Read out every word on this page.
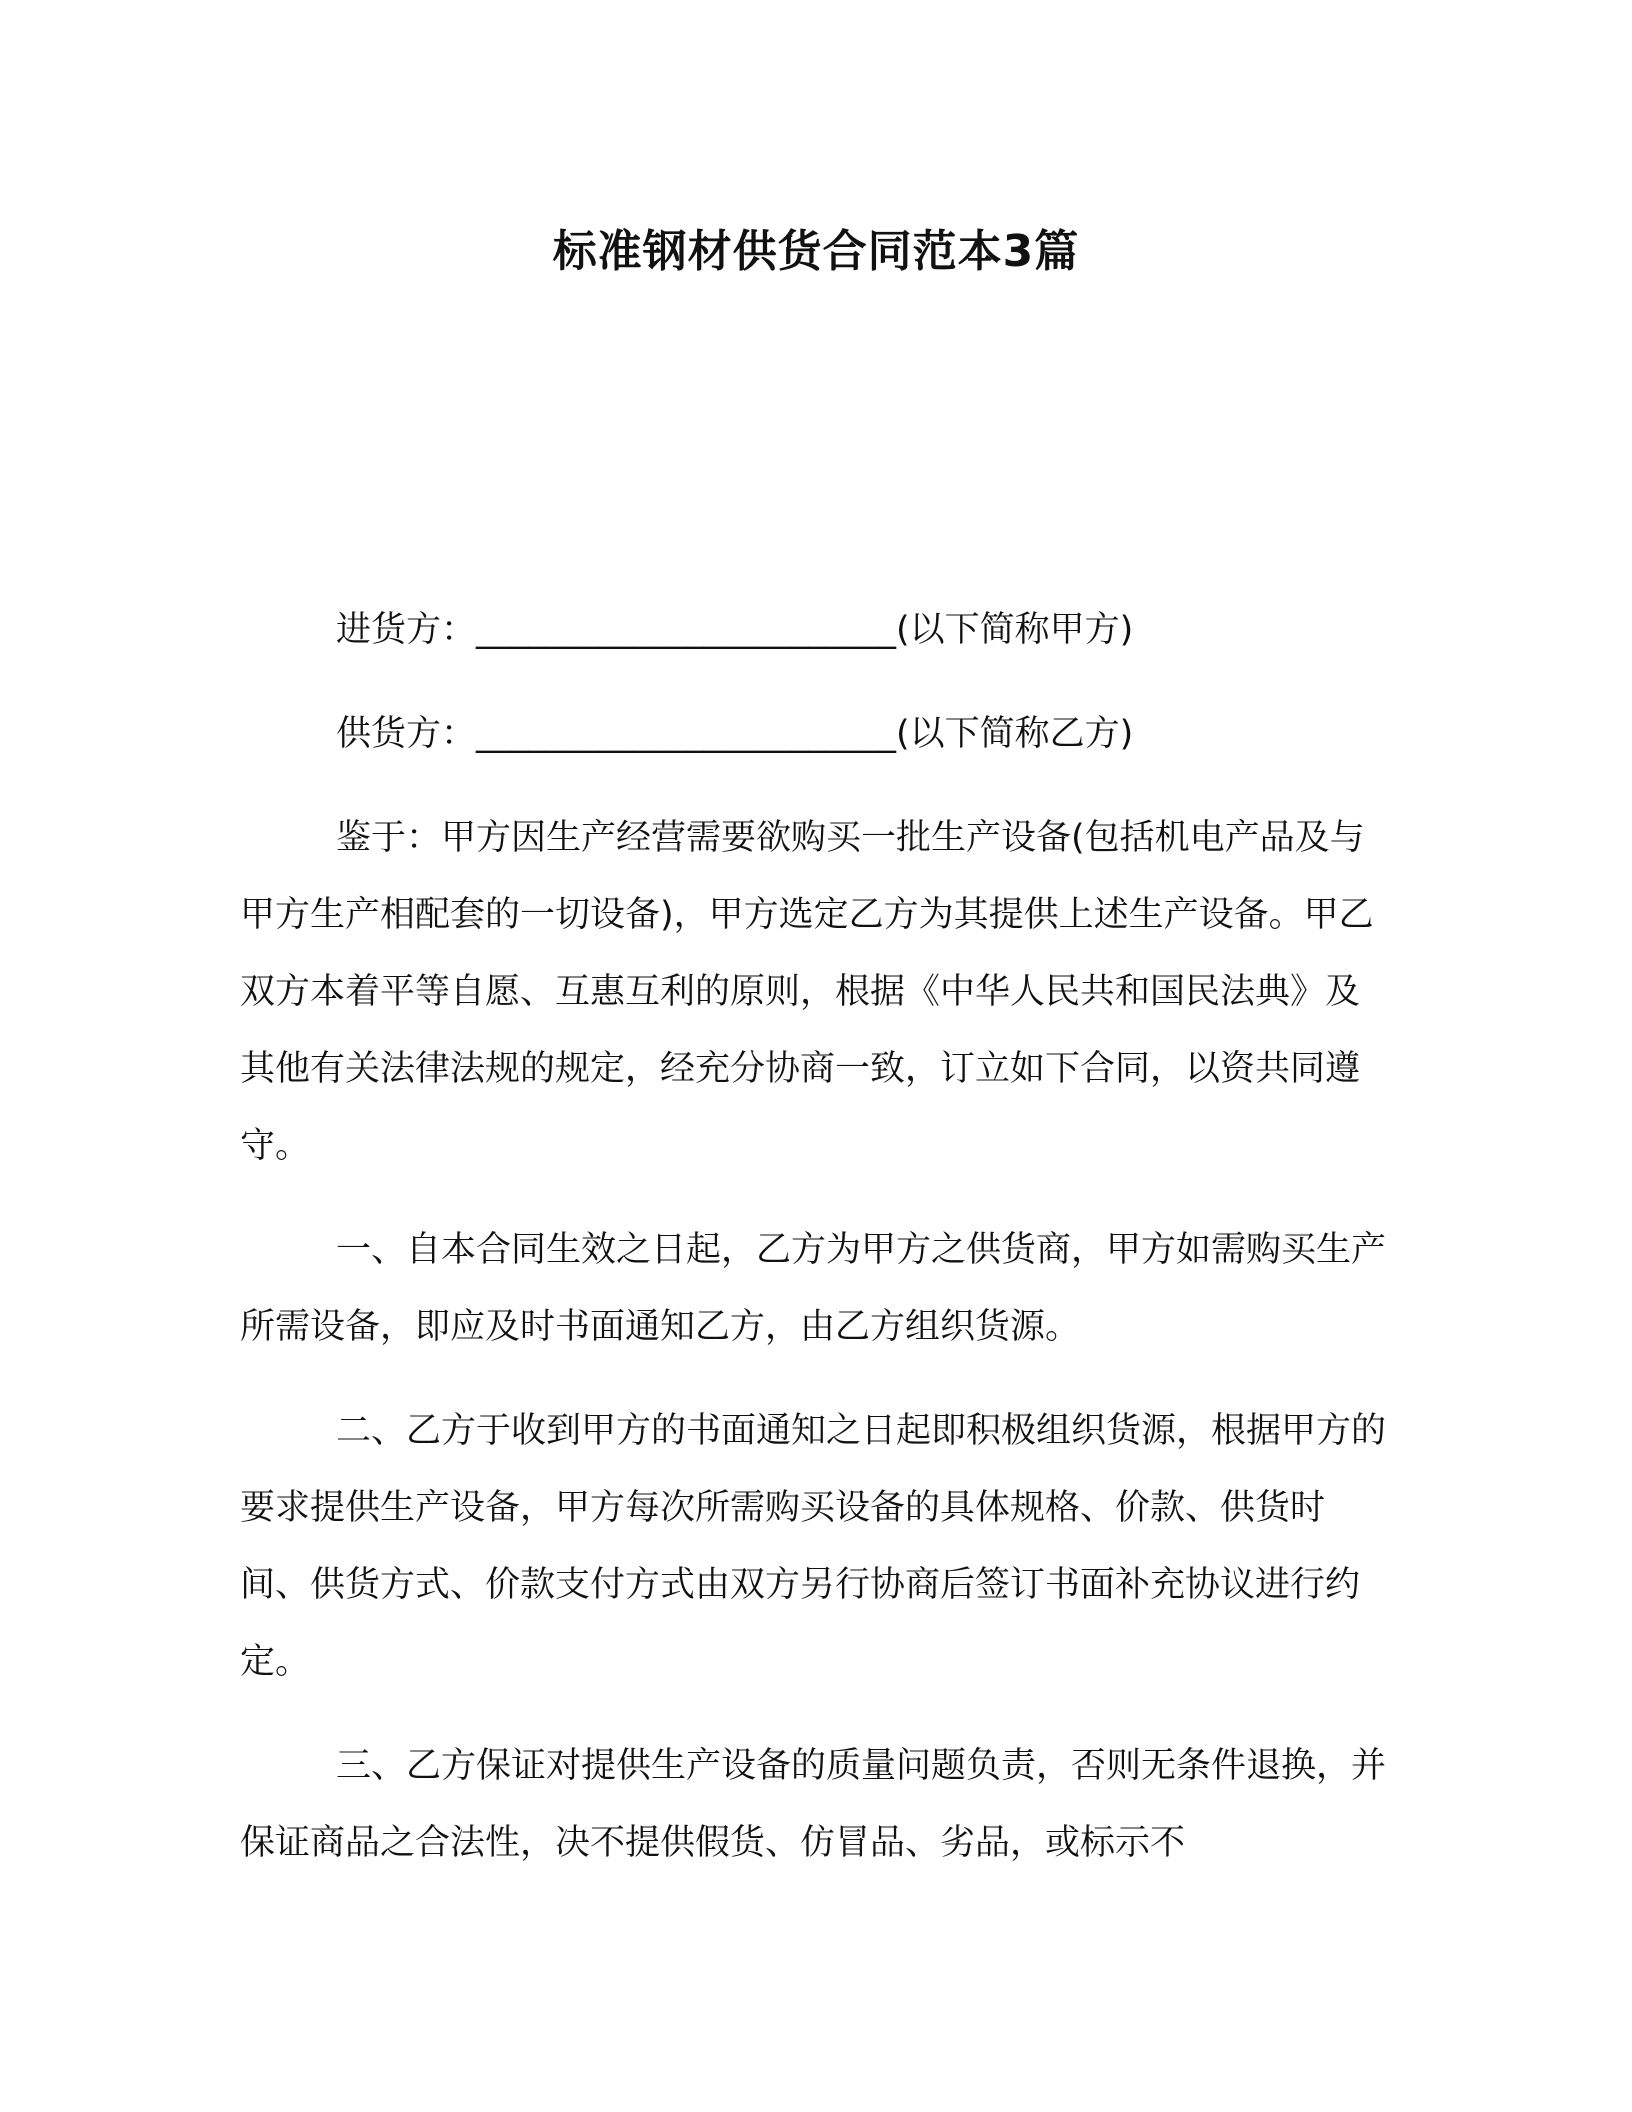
标准钢材供货合同范本3篇

进货方：________________________(以下简称甲方)

供货方：________________________(以下简称乙方)

鉴于：甲方因生产经营需要欲购买一批生产设备(包括机电产品及与甲方生产相配套的一切设备)，甲方选定乙方为其提供上述生产设备。甲乙双方本着平等自愿、互惠互利的原则，根据《中华人民共和国民法典》及其他有关法律法规的规定，经充分协商一致，订立如下合同，以资共同遵守。

一、自本合同生效之日起，乙方为甲方之供货商，甲方如需购买生产所需设备，即应及时书面通知乙方，由乙方组织货源。

二、乙方于收到甲方的书面通知之日起即积极组织货源，根据甲方的要求提供生产设备，甲方每次所需购买设备的具体规格、价款、供货时间、供货方式、价款支付方式由双方另行协商后签订书面补充协议进行约定。

三、乙方保证对提供生产设备的质量问题负责，否则无条件退换，并保证商品之合法性，决不提供假货、仿冒品、劣品，或标示不
